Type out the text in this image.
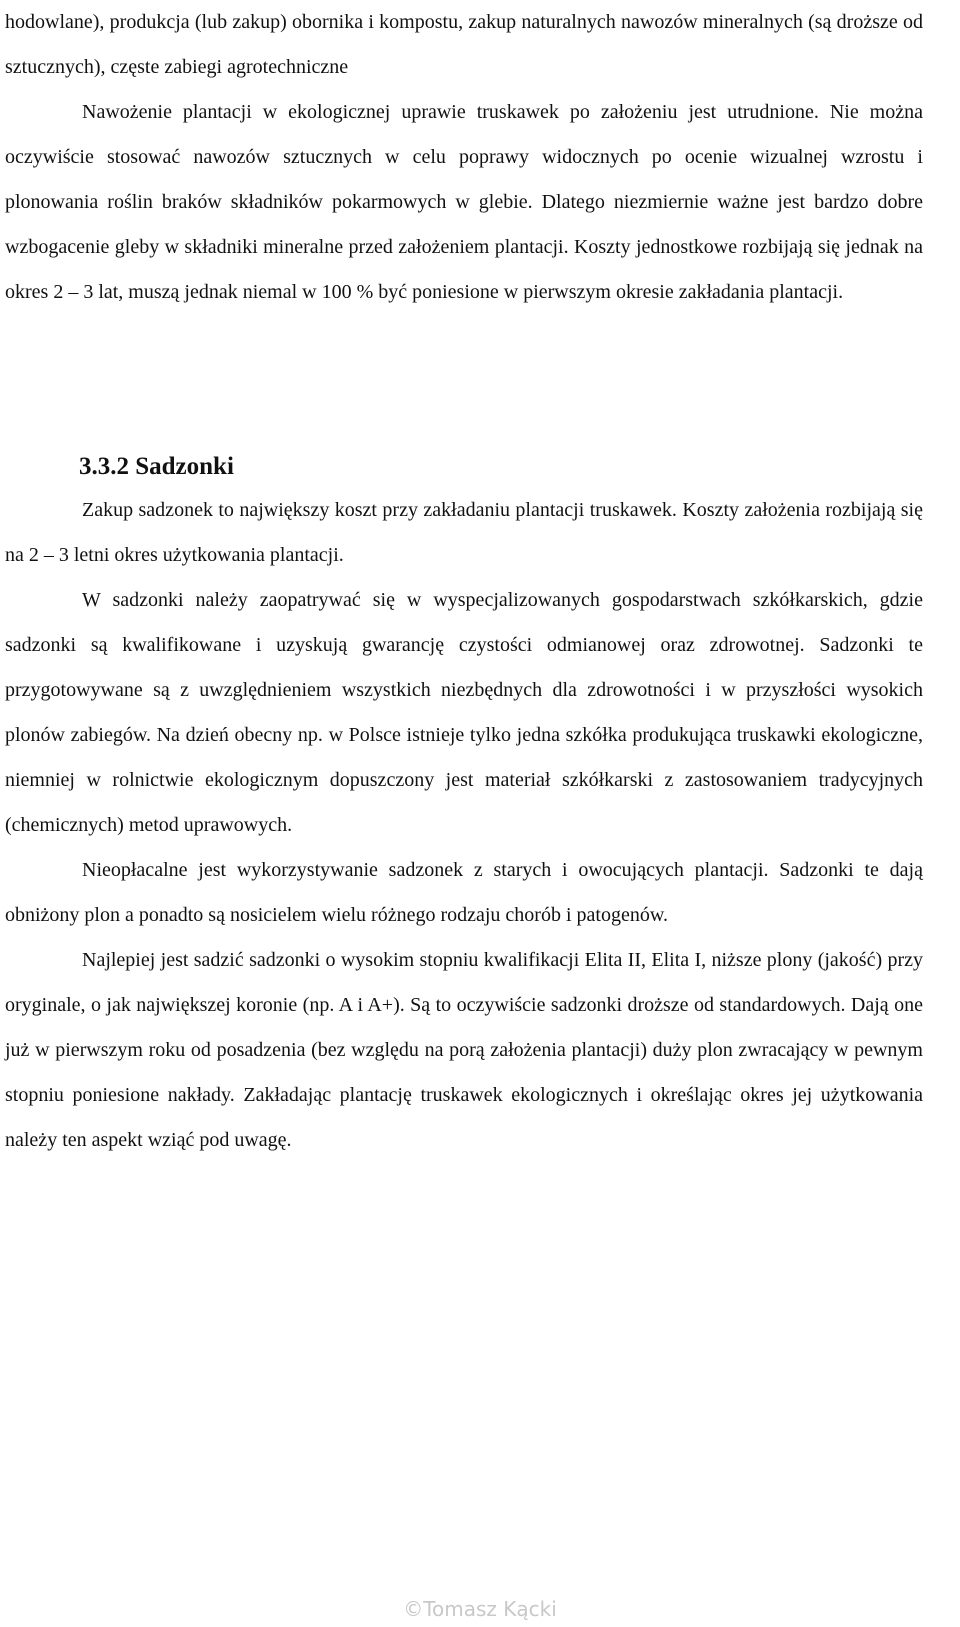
hodowlane), produkcja (lub zakup) obornika i kompostu, zakup naturalnych nawozów mineralnych (są droższe od sztucznych), częste zabiegi agrotechniczne

Nawożenie plantacji w ekologicznej uprawie truskawek po założeniu jest utrudnione. Nie można oczywiście stosować nawozów sztucznych w celu poprawy widocznych po ocenie wizualnej wzrostu i plonowania roślin braków składników pokarmowych w glebie. Dlatego niezmiernie ważne jest bardzo dobre wzbogacenie gleby w składniki mineralne przed założeniem plantacji. Koszty jednostkowe rozbijają się jednak na okres 2 – 3 lat, muszą jednak niemal w 100 % być poniesione w pierwszym okresie zakładania plantacji.

3.3.2 Sadzonki

Zakup sadzonek to największy koszt przy zakładaniu plantacji truskawek. Koszty założenia rozbijają się na 2 – 3 letni okres użytkowania plantacji.

W sadzonki należy zaopatrywać się w wyspecjalizowanych gospodarstwach szkółkarskich, gdzie sadzonki są kwalifikowane i uzyskują gwarancję czystości odmianowej oraz zdrowotnej. Sadzonki te przygotowywane są z uwzględnieniem wszystkich niezbędnych dla zdrowotności i w przyszłości wysokich plonów zabiegów. Na dzień obecny np. w Polsce istnieje tylko jedna szkółka produkująca truskawki ekologiczne, niemniej w rolnictwie ekologicznym dopuszczony jest materiał szkółkarski z zastosowaniem tradycyjnych (chemicznych) metod uprawowych.

Nieopłacalne jest wykorzystywanie sadzonek z starych i owocujących plantacji. Sadzonki te dają obniżony plon a ponadto są nosicielem wielu różnego rodzaju chorób i patogenów.

Najlepiej jest sadzić sadzonki o wysokim stopniu kwalifikacji Elita II, Elita I, niższe plony (jakość) przy oryginale, o jak największej koronie (np. A i A+). Są to oczywiście sadzonki droższe od standardowych. Dają one już w pierwszym roku od posadzenia (bez względu na porą założenia plantacji) duży plon zwracający w pewnym stopniu poniesione nakłady. Zakładając plantację truskawek ekologicznych i określając okres jej użytkowania należy ten aspekt wziąć pod uwagę.

©Tomasz Kącki
